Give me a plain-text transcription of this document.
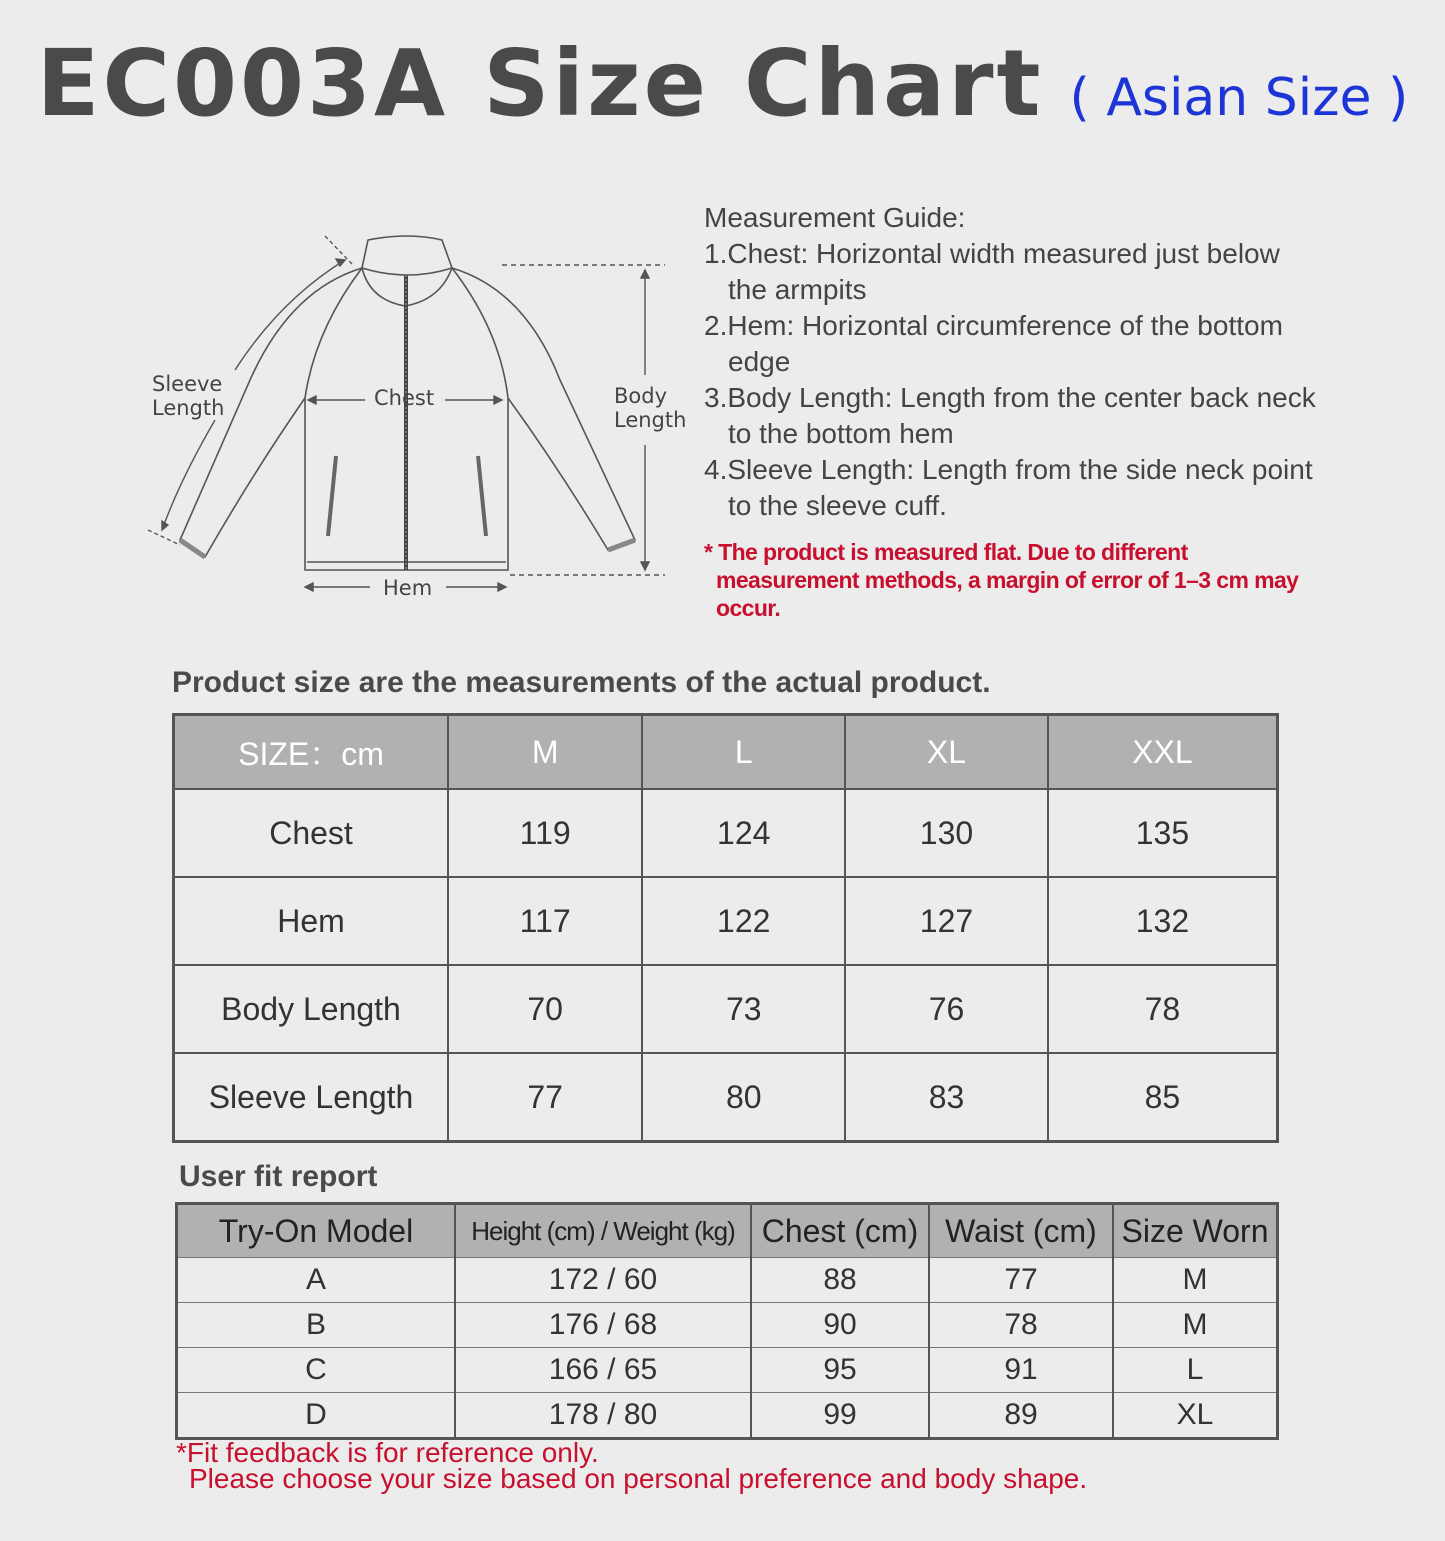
EC003A Size Chart ( Asian Size )
Sleeve
Length	Chest	Body
Length
Hem
Measurement Guide:
1.Chest: Horizontal width measured just below the armpits
2.Hem: Horizontal circumference of the bottom edge
3.Body Length: Length from the center back neck to the bottom hem
4.Sleeve Length: Length from the side neck point to the sleeve cuff.
* The product is measured flat. Due to different measurement methods, a margin of error of 1–3 cm may occur.
Product size are the measurements of the actual product.
SIZE：cm	M	L	XL	XXL
Chest	119	124	130	135
Hem	117	122	127	132
Body Length	70	73	76	78
Sleeve Length	77	80	83	85
User fit report
Try-On Model	Height (cm) / Weight (kg)	Chest (cm)	Waist (cm)	Size Worn
A	172 / 60	88	77	M
B	176 / 68	90	78	M
C	166 / 65	95	91	L
D	178 / 80	99	89	XL
*Fit feedback is for reference only.
Please choose your size based on personal preference and body shape.
